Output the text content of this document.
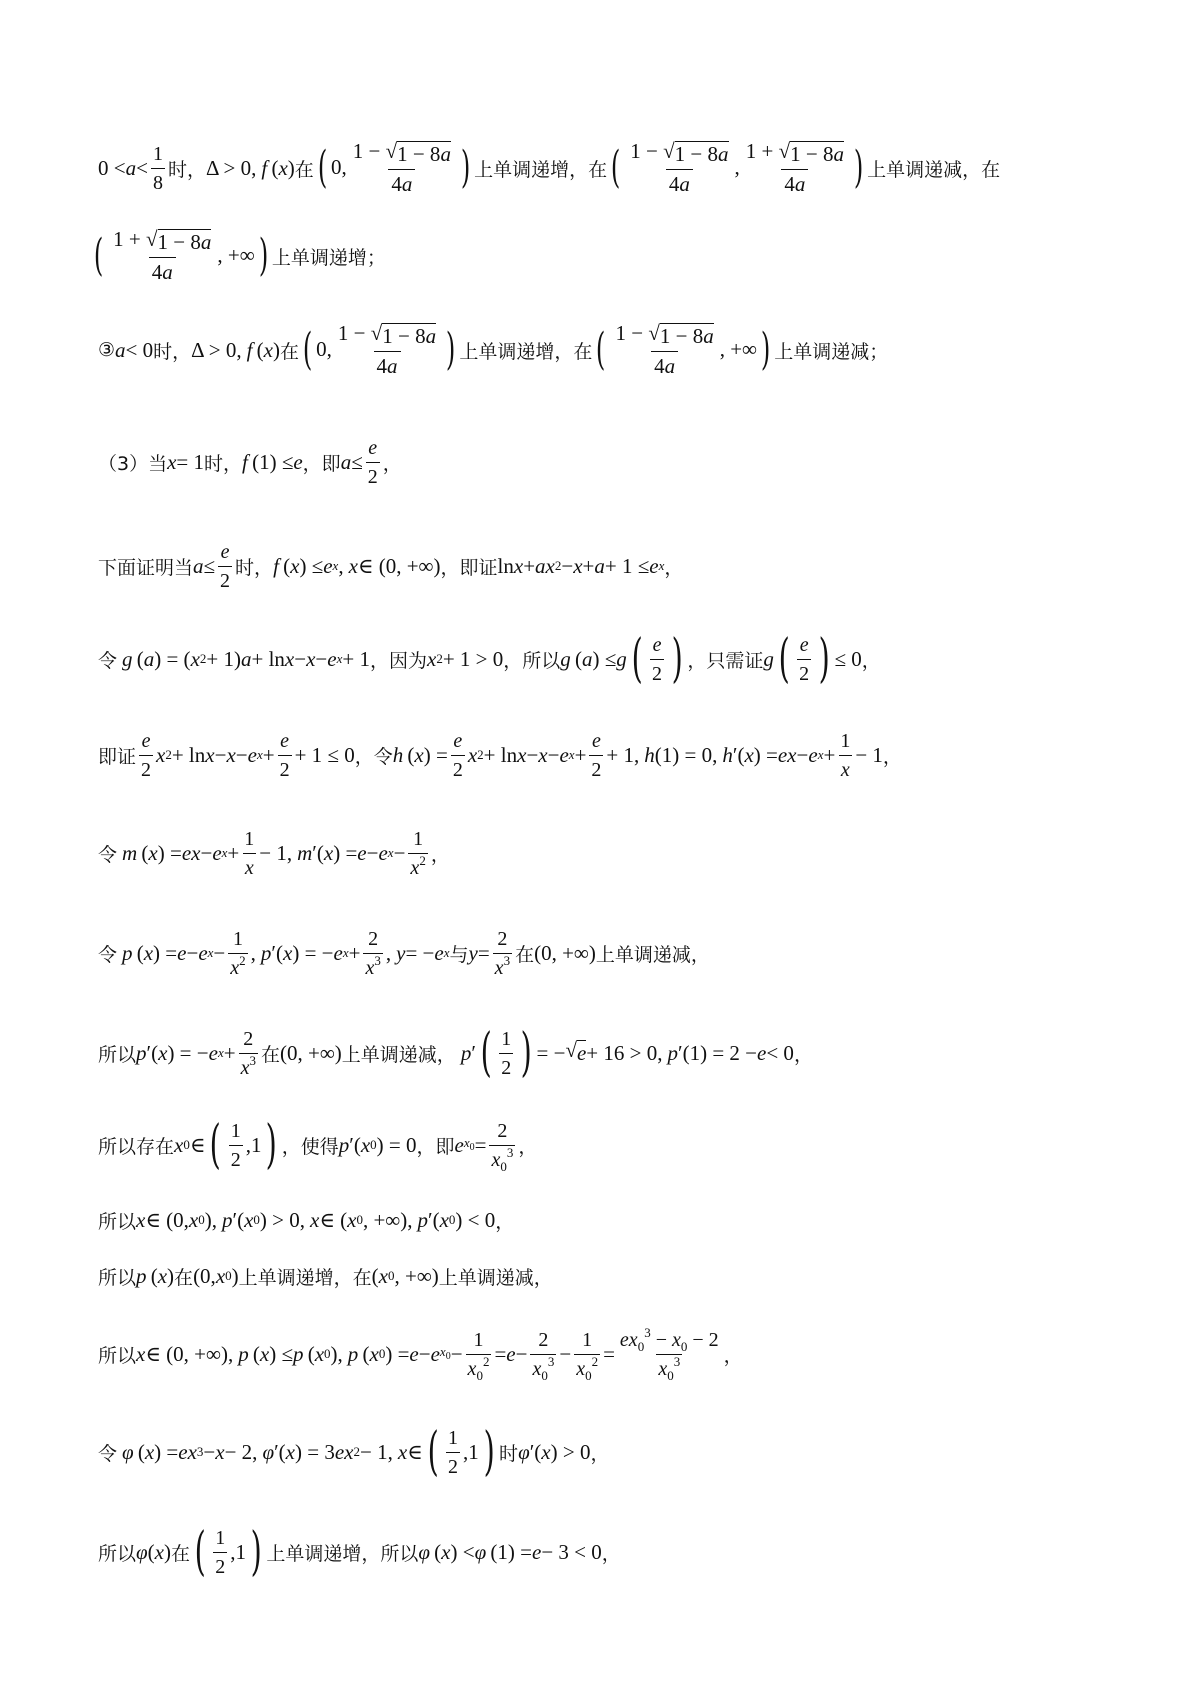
0 < a <
1
8
时， Δ > 0, f  ( x ) 在 ( 0,
1 − √ 1 − 8a
4a ) 上单调递增，在 ( 1 − √ 1 − 8a
4a
,
1 + √ 1 − 8a
4a ) 上单调递减，在
( 1 + √ 1 − 8a
4a
, +∞ ) 上单调递增；
③ a < 0 时， Δ > 0, f  ( x ) 在 ( 0,
1 − √ 1 − 8a
4a ) 上单调递增，在 ( 1 − √ 1 − 8a
4a
, +∞ ) 上单调递减；
（3）当 x = 1 时， f  (1) ≤ e ，即 a ≤
e
2
，
下面证明当 a ≤
e
2
时， f  ( x ) ≤ e x , x ∈ (0, +∞) ，即证 ln x + ax 2 − x + a + 1 ≤ e x ，
令 g  ( a ) = ( x 2 + 1) a + ln x − x − e x + 1 ，因为 x 2 + 1 > 0 ，所以 g  ( a ) ≤ g ( e
2 ) ，只需证 g ( e
2 ) ≤ 0 ，
即证
e
2
x 2 + ln x − x − e x +
e
2
+ 1 ≤ 0 ，令 h  ( x ) =
e
2
x 2 + ln x − x − e x +
e
2
+ 1, h (1) = 0, h ′( x ) = ex − e x +
1
x
− 1 ，
令 m  ( x ) = ex − e x +
1
x
− 1, m ′( x ) = e − e x −
1
$x^2$ ，
令 p  ( x ) = e − e x −
1
$x^2$ , p ′( x ) = − e x +
2
$x^3$ , y = − e x 与 y =
2
$x^3$ 在 (0, +∞) 上单调递减，
所以 p ′( x ) = − e x +
2
$x^3$ 在 (0, +∞) 上单调递减， p ′ ( 1
2 ) = − √ e + 16 > 0, p ′(1) = 2 − e < 0 ，
所以存在 x 0 ∈ ( 1
2
,1 ) ，使得 p ′( x 0 ) = 0 ，即 e $x_0$ =
2
$x_0^3$ ，
所以 x ∈ (0, x 0 ), p ′( x 0 ) > 0, x ∈ ( x 0 , +∞), p ′( x 0 ) < 0 ，
所以 p  ( x ) 在 (0, x 0 ) 上单调递增，在 ( x 0 , +∞) 上单调递减，
所以 x ∈ (0, +∞), p  ( x ) ≤ p  ( x 0 ), p  ( x 0 ) = e − e $x_0$ −
1
$x_0^2 = e$ −
2
$x_0^3$ −
1
$x_0^2$ =
$ex_0^3 - x_0 - 2$
$x_0^3$ ，
令 φ  ( x ) = ex 3 − x − 2, φ ′( x ) = 3 ex 2 − 1, x ∈ ( 1
2
,1 ) 时 φ ′( x ) > 0 ，
所以 φ ( x ) 在 ( 1
2
,1 ) 上单调递增，所以 φ  ( x ) < φ  (1) = e − 3 < 0 ，
